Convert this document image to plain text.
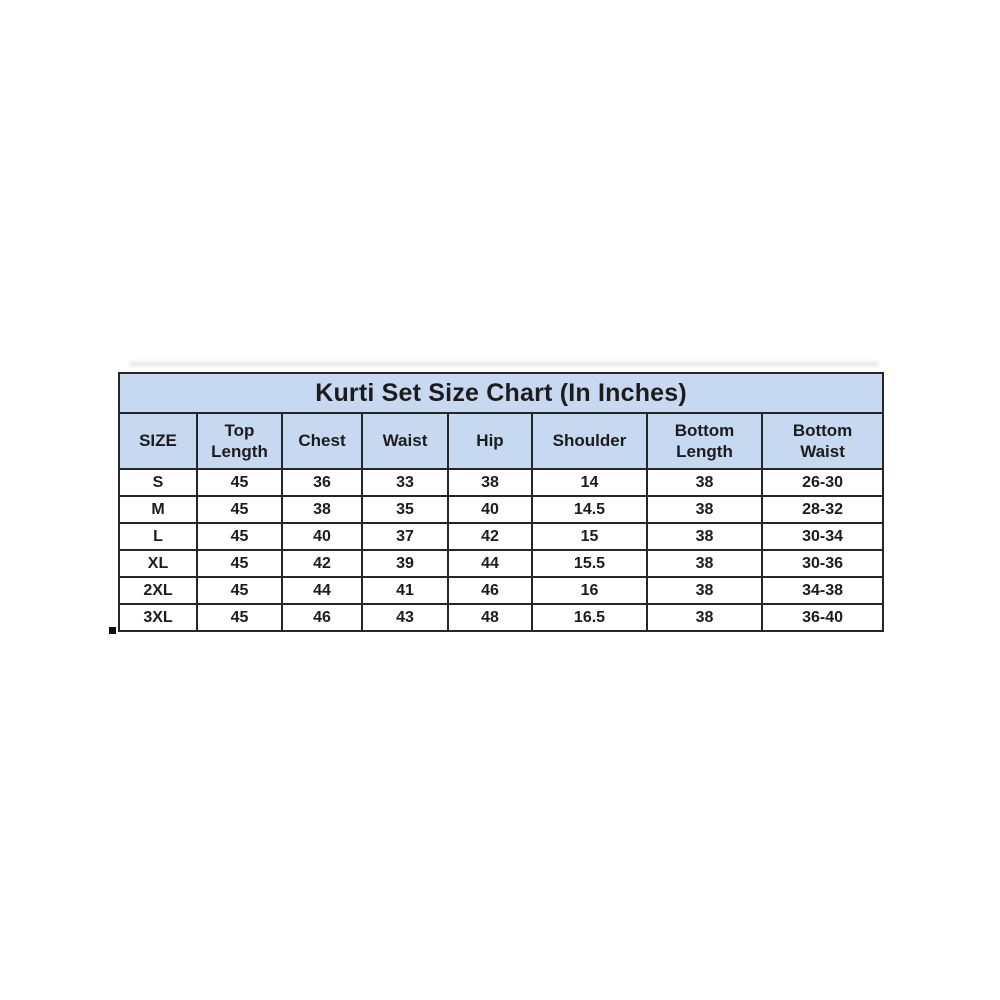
Kurti Set Size Chart (In Inches)							
SIZE	Top Length	Chest	Waist	Hip	Shoulder	Bottom Length	Bottom Waist
S	45	36	33	38	14	38	26-30
M	45	38	35	40	14.5	38	28-32
L	45	40	37	42	15	38	30-34
XL	45	42	39	44	15.5	38	30-36
2XL	45	44	41	46	16	38	34-38
3XL	45	46	43	48	16.5	38	36-40
